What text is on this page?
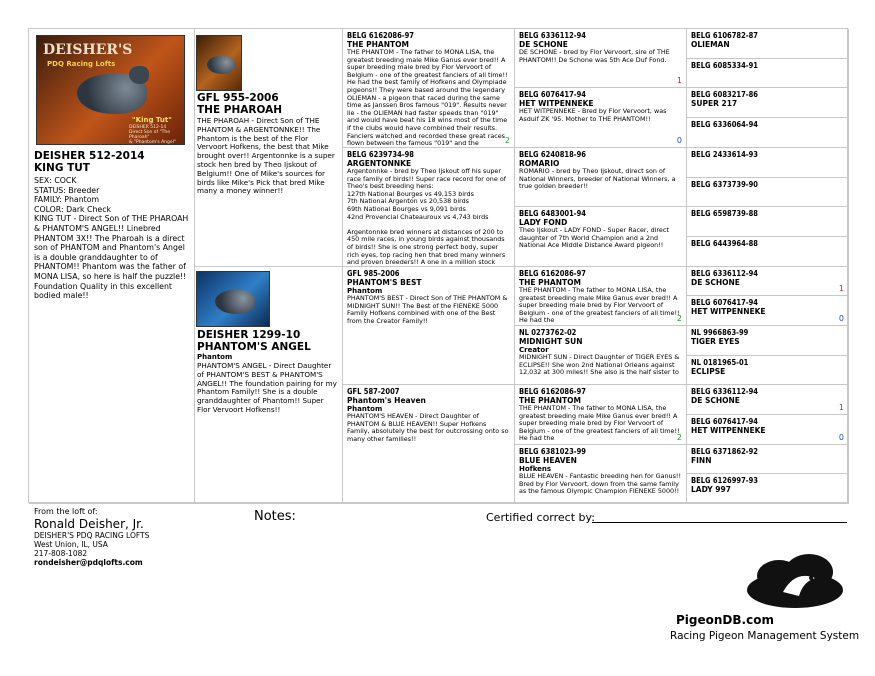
DEISHER'S
PDQ Racing Lofts
"King Tut"
DEISHER 512-14
Direct Son of "The Pharoah"
& "Phantom's Angel"
DEISHER 512-2014
KING TUT
SEX: COCK
STATUS: Breeder
FAMILY: Phantom
COLOR: Dark Check
KING TUT - Direct Son of THE PHAROAH & PHANTOM'S ANGEL!! Linebred PHANTOM 3X!! The Pharoah is a direct son of PHANTOM and Phantom's Angel is a double granddaughter to of PHANTOM!! Phantom was the father of MONA LISA, so here is half the puzzle!! Foundation Quality in this excellent bodied male!!
GFL 955-2006
THE PHAROAH
THE PHAROAH - Direct Son of THE PHANTOM & ARGENTONNKE!! The Phantom is the best of the Flor Vervoort Hofkens, the best that Mike brought over!! Argentonnke is a super stock hen bred by Theo Ijskout of Belgium!! One of Mike's sources for birds like Mike's Pick that bred Mike many a money winner!!
DEISHER 1299-10
PHANTOM'S ANGEL
Phantom
PHANTOM'S ANGEL - Direct Daughter of PHANTOM'S BEST & PHANTOM'S ANGEL!! The foundation pairing for my Phantom Family!! She is a double granddaughter of Phantom!! Super Flor Vervoort Hofkens!!
BELG 6162086-97
THE PHANTOM
THE PHANTOM - The father to MONA LISA, the greatest breeding male Mike Ganus ever bred!! A super breeding male bred by Flor Vervoort of Belgium - one of the greatest fanciers of all time!! He had the best family of Hofkens and Olympiade pigeons!! They were based around the legendary OLIEMAN - a pigeon that raced during the same time as Janssen Bros famous "019". Results never lie - the OLIEMAN had faster speeds than "019" and would have beat his 18 wins most of the time if the clubs would have combined their results. Fanciers watched and recorded these great races flown between the famous "019" and the	2
BELG 6239734-98
ARGENTONNKE
Argentonnke - bred by Theo Ijskout off his super race family of birds!! Super race record for one of Theo's best breeding hens:
127th National Bourges vs 49,153 birds
7th National Argenton vs 20,538 birds
69th National Bourges vs 9,091 birds
42nd Provencial Chateauroux vs 4,743 birds

Argentonnke bred winners at distances of 200 to 450 mile races, in young birds against thousands of birds!! She is one strong perfect body, super rich eyes, top racing hen that bred many winners and proven breeders!! A one in a million stock
GFL 985-2006
PHANTOM'S BEST
Phantom
PHANTOM'S BEST - Direct Son of THE PHANTOM & MIDNIGHT SUN!! The Best of the FIENEKE 5000 Family Hofkens combined with one of the Best from the Creator Family!!
GFL 587-2007
Phantom's Heaven
Phantom
PHANTOM'S HEAVEN - Direct Daughter of PHANTOM & BLUE HEAVEN!! Super Hofkens Family, absolutely the best for outcrossing onto so many other families!!
BELG 6336112-94
DE SCHONE
DE SCHONE - bred by Flor Vervoort, sire of THE PHANTOM!! De Schone was 5th Ace Duf Fond.
1
BELG 6076417-94
HET WITPENNEKE
HET WITPENNEKE - Bred by Flor Vervoort, was Asduif ZK '95. Mother to THE PHANTOM!!
0
BELG 6240818-96
ROMARIO
ROMARIO - bred by Theo Ijskout, direct son of National Winners, breeder of National Winners, a true golden breeder!!
BELG 6483001-94
LADY FOND
Theo Ijskout - LADY FOND - Super Racer, direct daughter of 7th World Champion and a 2nd National Ace Middle Distance Award pigeon!!
BELG 6162086-97
THE PHANTOM
THE PHANTOM - The father to MONA LISA, the greatest breeding male Mike Ganus ever bred!! A super breeding male bred by Flor Vervoort of Belgium - one of the greatest fanciers of all time!! He had the	2
NL 0273762-02
MIDNIGHT SUN
Creator
MIDNIGHT SUN - Direct Daughter of TIGER EYES & ECLIPSE!! She won 2nd National Orleans against 12,032 at 300 miles!! She also is the half sister to
BELG 6162086-97
THE PHANTOM
THE PHANTOM - The father to MONA LISA, the greatest breeding male Mike Ganus ever bred!! A super breeding male bred by Flor Vervoort of Belgium - one of the greatest fanciers of all time!! He had the	2
BELG 6381023-99
BLUE HEAVEN
Hofkens
BLUE HEAVEN - Fantastic breeding hen for Ganus!! Bred by Flor Vervoort, down from the same family as the famous Olympic Champion FIENEKE 5000!!
BELG 6106782-87
OLIEMAN
BELG 6085334-91
BELG 6083217-86
SUPER 217
BELG 6336064-94
BELG 2433614-93
BELG 6373739-90
BELG 6598739-88
BELG 6443964-88
BELG 6336112-94
DE SCHONE
1
BELG 6076417-94
HET WITPENNEKE
0
NL 9966863-99
TIGER EYES
NL 0181965-01
ECLIPSE
BELG 6336112-94
DE SCHONE
1
BELG 6076417-94
HET WITPENNEKE
0
BELG 6371862-92
FINN
BELG 6126997-93
LADY 997
From the loft of:
Ronald Deisher, Jr.
DEISHER'S PDQ RACING LOFTS
West Union, IL, USA
217-808-1082
rondeisher@pdqlofts.com
Notes:	Certified correct by:
PigeonDB.com
Racing Pigeon Management System
